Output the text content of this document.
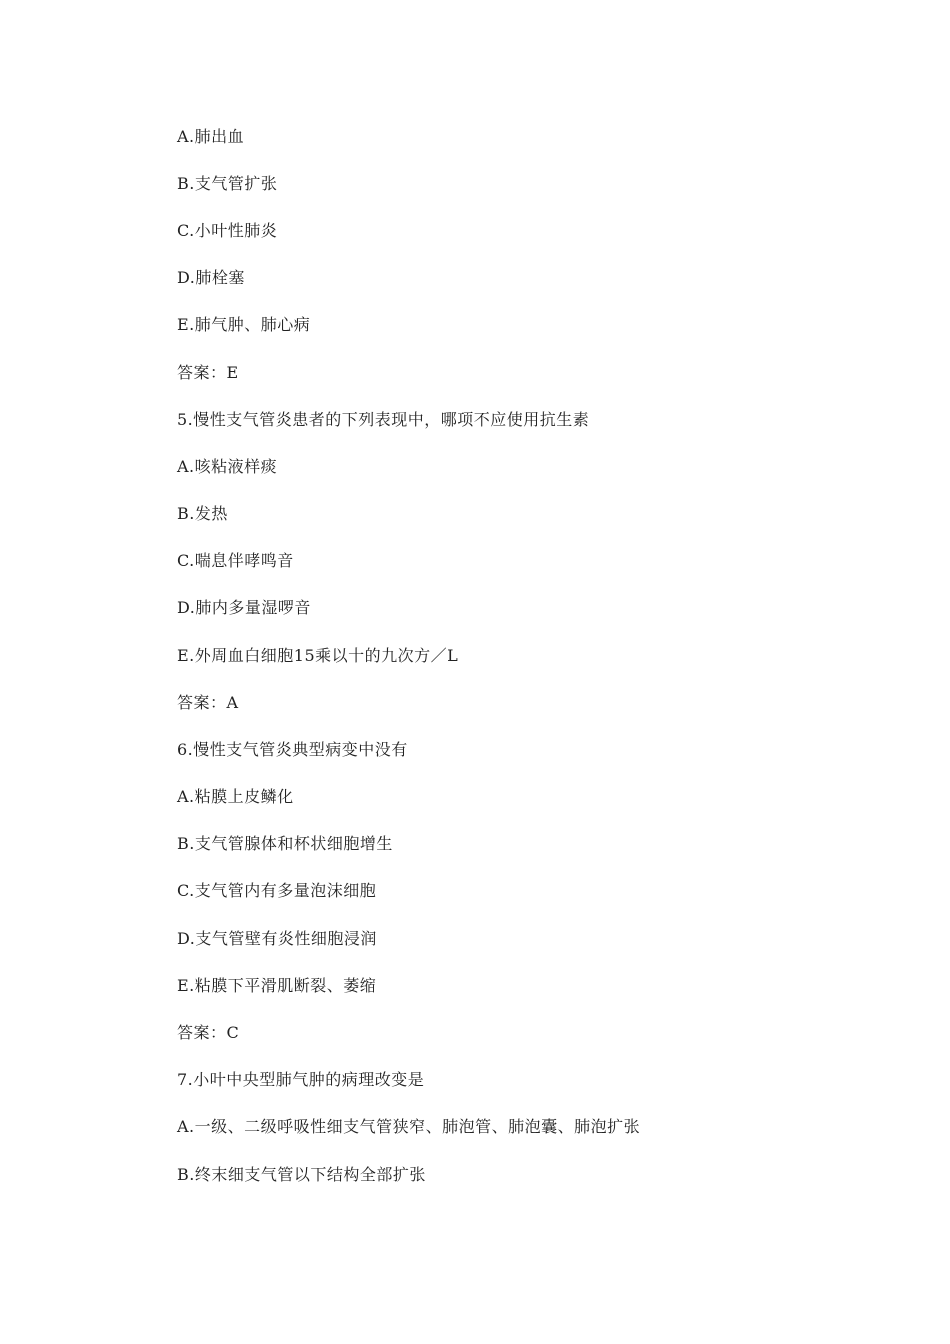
A.肺出血
B.支气管扩张
C.小叶性肺炎
D.肺栓塞
E.肺气肿、肺心病
答案：E
5.慢性支气管炎患者的下列表现中，哪项不应使用抗生素
A.咳粘液样痰
B.发热
C.喘息伴哮鸣音
D.肺内多量湿啰音
E.外周血白细胞15乘以十的九次方／L
答案：A
6.慢性支气管炎典型病变中没有
A.粘膜上皮鳞化
B.支气管腺体和杯状细胞增生
C.支气管内有多量泡沫细胞
D.支气管壁有炎性细胞浸润
E.粘膜下平滑肌断裂、萎缩
答案：C
7.小叶中央型肺气肿的病理改变是
A.一级、二级呼吸性细支气管狭窄、肺泡管、肺泡囊、肺泡扩张
B.终末细支气管以下结构全部扩张
